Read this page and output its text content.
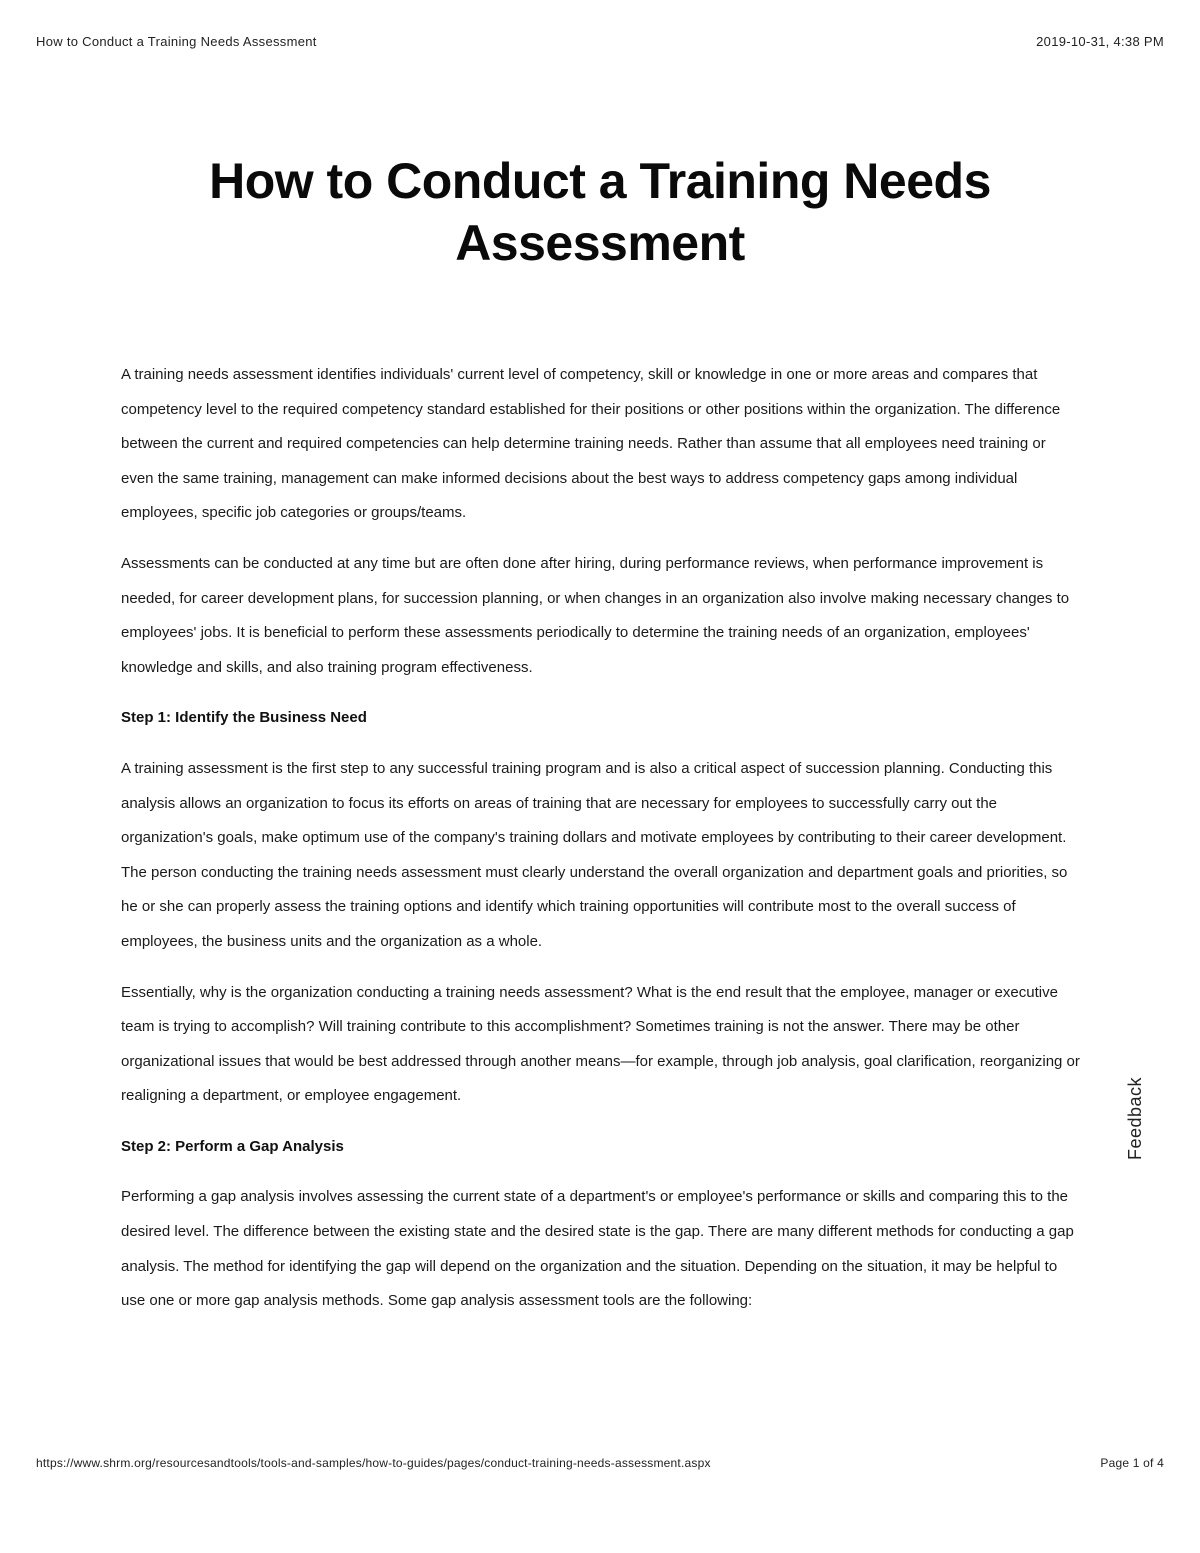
How to Conduct a Training Needs Assessment	2019-10-31, 4:38 PM
How to Conduct a Training Needs Assessment

A training needs assessment identifies individuals' current level of competency, skill or knowledge in one or more areas and compares that competency level to the required competency standard established for their positions or other positions within the organization. The difference between the current and required competencies can help determine training needs. Rather than assume that all employees need training or even the same training, management can make informed decisions about the best ways to address competency gaps among individual employees, specific job categories or groups/teams.

Assessments can be conducted at any time but are often done after hiring, during performance reviews, when performance improvement is needed, for career development plans, for succession planning, or when changes in an organization also involve making necessary changes to employees' jobs. It is beneficial to perform these assessments periodically to determine the training needs of an organization, employees' knowledge and skills, and also training program effectiveness.

Step 1: Identify the Business Need

A training assessment is the first step to any successful training program and is also a critical aspect of succession planning. Conducting this analysis allows an organization to focus its efforts on areas of training that are necessary for employees to successfully carry out the organization's goals, make optimum use of the company's training dollars and motivate employees by contributing to their career development. The person conducting the training needs assessment must clearly understand the overall organization and department goals and priorities, so he or she can properly assess the training options and identify which training opportunities will contribute most to the overall success of employees, the business units and the organization as a whole.

Essentially, why is the organization conducting a training needs assessment? What is the end result that the employee, manager or executive team is trying to accomplish? Will training contribute to this accomplishment? Sometimes training is not the answer. There may be other organizational issues that would be best addressed through another means—for example, through job analysis, goal clarification, reorganizing or realigning a department, or employee engagement.

Step 2: Perform a Gap Analysis

Performing a gap analysis involves assessing the current state of a department's or employee's performance or skills and comparing this to the desired level. The difference between the existing state and the desired state is the gap. There are many different methods for conducting a gap analysis. The method for identifying the gap will depend on the organization and the situation. Depending on the situation, it may be helpful to use one or more gap analysis methods. Some gap analysis assessment tools are the following:

Feedback
https://www.shrm.org/resourcesandtools/tools-and-samples/how-to-guides/pages/conduct-training-needs-assessment.aspx	Page 1 of 4
